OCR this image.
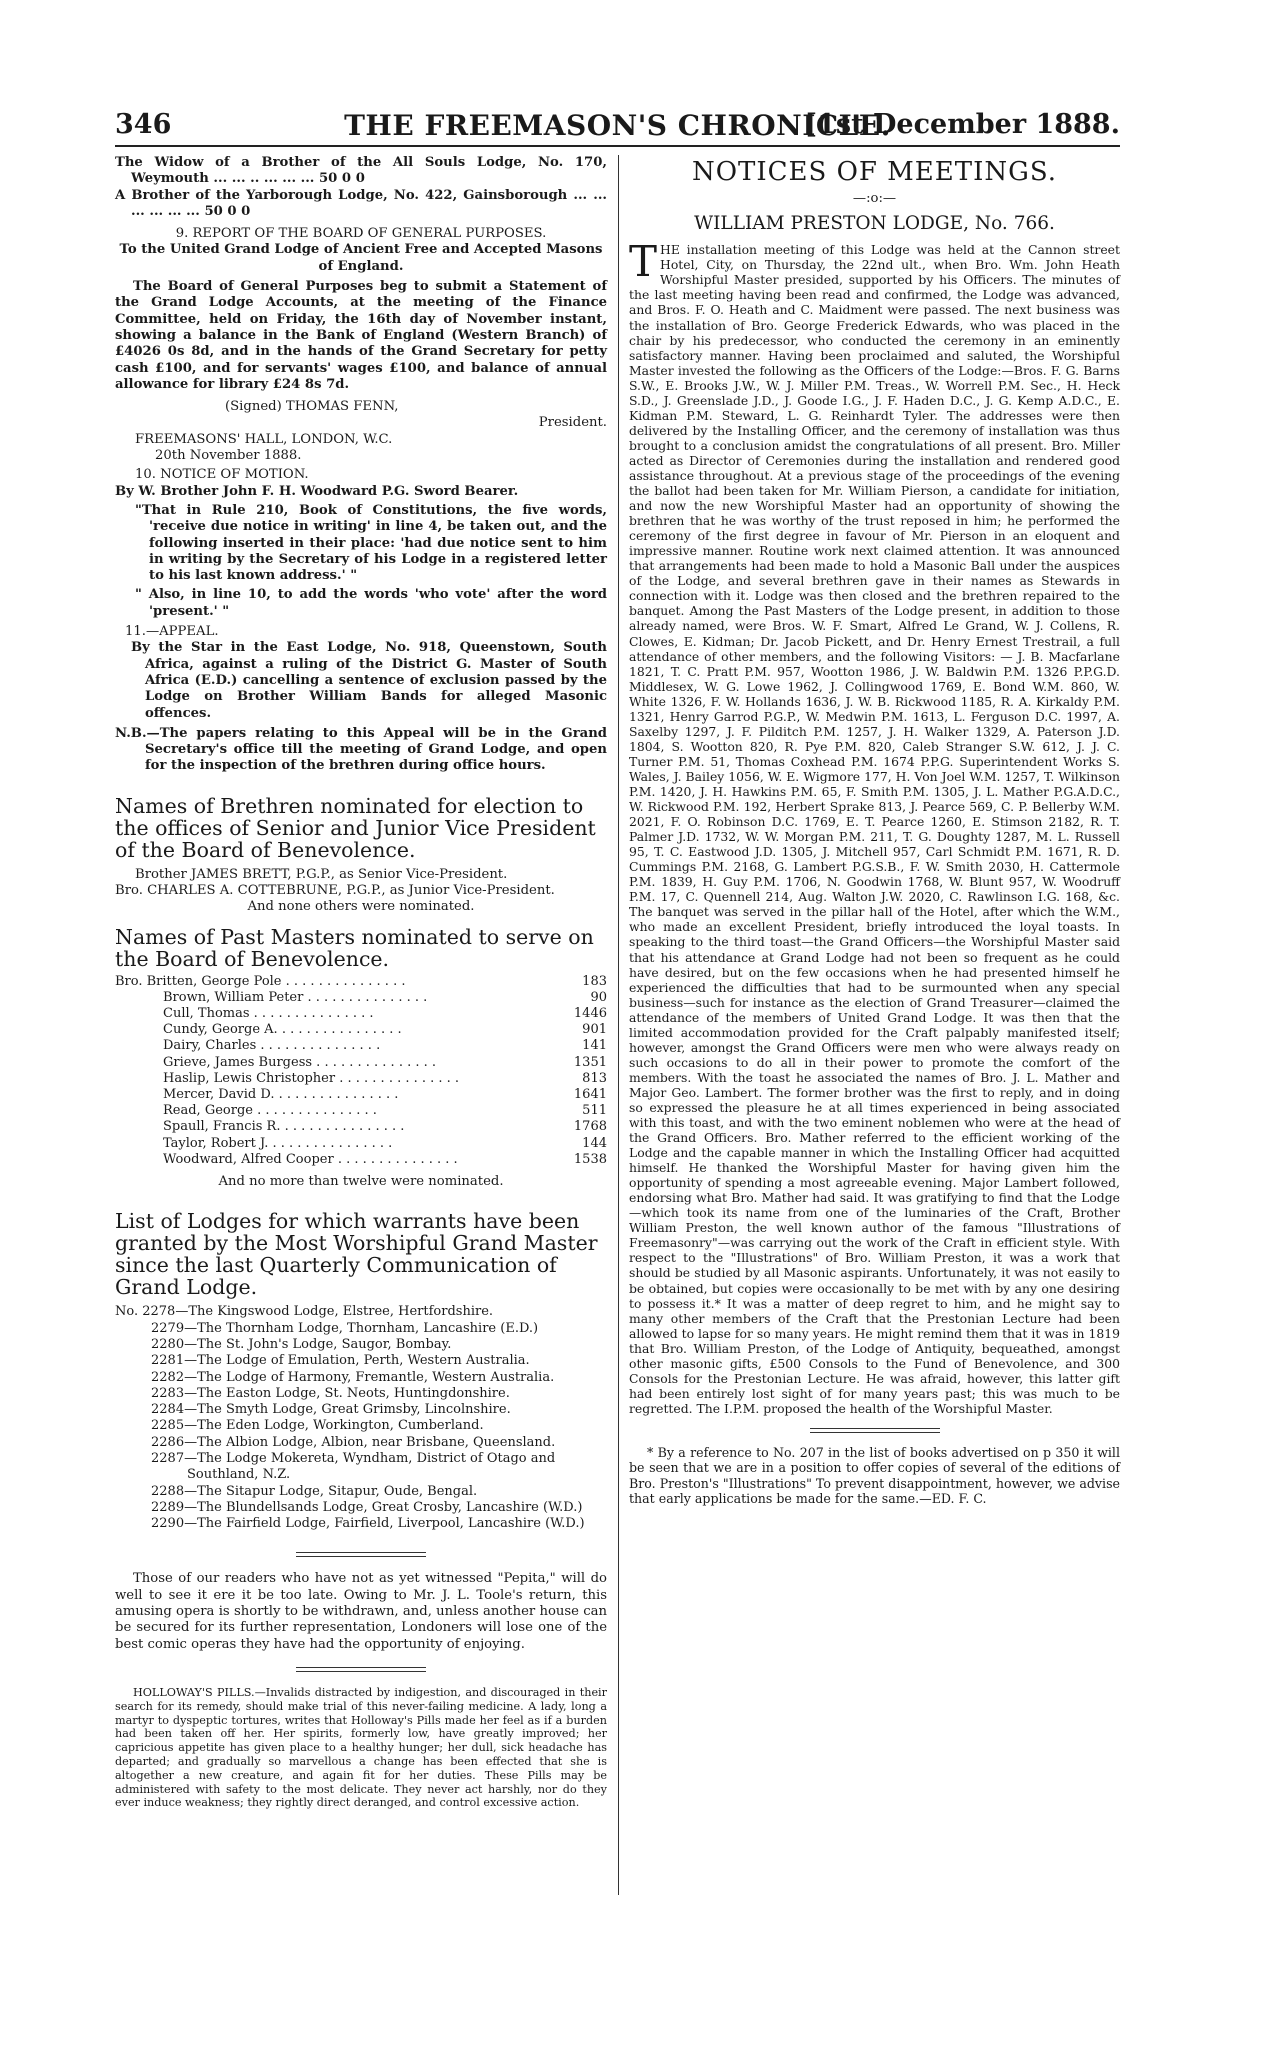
346	THE FREEMASON'S CHRONICLE.
[1st December 1888.

The Widow of a Brother of the All Souls Lodge, No. 170, Weymouth ... ... .. ... ... ... 50 0 0

A Brother of the Yarborough Lodge, No. 422, Gainsborough ... ... ... ... ... ... 50 0 0

9. REPORT OF THE BOARD OF GENERAL PURPOSES.

To the United Grand Lodge of Ancient Free and Accepted Masons of England.

The Board of General Purposes beg to submit a Statement of the Grand Lodge Accounts, at the meeting of the Finance Committee, held on Friday, the 16th day of November instant, showing a balance in the Bank of England (Western Branch) of £4026 0s 8d, and in the hands of the Grand Secretary for petty cash £100, and for servants' wages £100, and balance of annual allowance for library £24 8s 7d.

(Signed) THOMAS FENN,

President.

FREEMASONS' HALL, LONDON, W.C.

20th November 1888.

10. NOTICE OF MOTION.

By W. Brother John F. H. Woodward P.G. Sword Bearer.

"That in Rule 210, Book of Constitutions, the five words, 'receive due notice in writing' in line 4, be taken out, and the following inserted in their place: 'had due notice sent to him in writing by the Secretary of his Lodge in a registered letter to his last known address.' "

" Also, in line 10, to add the words 'who vote' after the word 'present.' "

11.—APPEAL.

By the Star in the East Lodge, No. 918, Queenstown, South Africa, against a ruling of the District G. Master of South Africa (E.D.) cancelling a sentence of exclusion passed by the Lodge on Brother William Bands for alleged Masonic offences.

N.B.—The papers relating to this Appeal will be in the Grand Secretary's office till the meeting of Grand Lodge, and open for the inspection of the brethren during office hours.

Names of Brethren nominated for election to the offices of Senior and Junior Vice President of the Board of Benevolence.

Brother JAMES BRETT, P.G.P., as Senior Vice-President.

Bro. CHARLES A. COTTEBRUNE, P.G.P., as Junior Vice-President.

And none others were nominated.

Names of Past Masters nominated to serve on the Board of Benevolence.

Bro. Britten, George Pole .	183
Brown, William Peter .	90
Cull, Thomas .	1446
Cundy, George A. .	901
Dairy, Charles .	141
Grieve, James Burgess .	1351
Haslip, Lewis Christopher .	813
Mercer, David D. .	1641
Read, George .	511
Spaull, Francis R. .	1768
Taylor, Robert J. .	144
Woodward, Alfred Cooper .	1538

And no more than twelve were nominated.

List of Lodges for which warrants have been granted by the Most Worshipful Grand Master since the last Quarterly Communication of Grand Lodge.

No. 2278—The Kingswood Lodge, Elstree, Hertfordshire.
2279—The Thornham Lodge, Thornham, Lancashire (E.D.)
2280—The St. John's Lodge, Saugor, Bombay.
2281—The Lodge of Emulation, Perth, Western Australia.
2282—The Lodge of Harmony, Fremantle, Western Australia.
2283—The Easton Lodge, St. Neots, Huntingdonshire.
2284—The Smyth Lodge, Great Grimsby, Lincolnshire.
2285—The Eden Lodge, Workington, Cumberland.
2286—The Albion Lodge, Albion, near Brisbane, Queensland.
2287—The Lodge Mokereta, Wyndham, District of Otago and Southland, N.Z.
2288—The Sitapur Lodge, Sitapur, Oude, Bengal.
2289—The Blundellsands Lodge, Great Crosby, Lancashire (W.D.)
2290—The Fairfield Lodge, Fairfield, Liverpool, Lancashire (W.D.)

Those of our readers who have not as yet witnessed "Pepita," will do well to see it ere it be too late. Owing to Mr. J. L. Toole's return, this amusing opera is shortly to be withdrawn, and, unless another house can be secured for its further representation, Londoners will lose one of the best comic operas they have had the opportunity of enjoying.

HOLLOWAY'S PILLS.—Invalids distracted by indigestion, and discouraged in their search for its remedy, should make trial of this never-failing medicine. A lady, long a martyr to dyspeptic tortures, writes that Holloway's Pills made her feel as if a burden had been taken off her. Her spirits, formerly low, have greatly improved; her capricious appetite has given place to a healthy hunger; her dull, sick headache has departed; and gradually so marvellous a change has been effected that she is altogether a new creature, and again fit for her duties. These Pills may be administered with safety to the most delicate. They never act harshly, nor do they ever induce weakness; they rightly direct deranged, and control excessive action.

NOTICES OF MEETINGS.

—:o:—

WILLIAM PRESTON LODGE, No. 766.

THE installation meeting of this Lodge was held at the Cannon street Hotel, City, on Thursday, the 22nd ult., when Bro. Wm. John Heath Worshipful Master presided, supported by his Officers. The minutes of the last meeting having been read and confirmed, the Lodge was advanced, and Bros. F. O. Heath and C. Maidment were passed. The next business was the installation of Bro. George Frederick Edwards, who was placed in the chair by his predecessor, who conducted the ceremony in an eminently satisfactory manner. Having been proclaimed and saluted, the Worshipful Master invested the following as the Officers of the Lodge:—Bros. F. G. Barns S.W., E. Brooks J.W., W. J. Miller P.M. Treas., W. Worrell P.M. Sec., H. Heck S.D., J. Greenslade J.D., J. Goode I.G., J. F. Haden D.C., J. G. Kemp A.D.C., E. Kidman P.M. Steward, L. G. Reinhardt Tyler. The addresses were then delivered by the Installing Officer, and the ceremony of installation was thus brought to a conclusion amidst the congratulations of all present. Bro. Miller acted as Director of Ceremonies during the installation and rendered good assistance throughout. At a previous stage of the proceedings of the evening the ballot had been taken for Mr. William Pierson, a candidate for initiation, and now the new Worshipful Master had an opportunity of showing the brethren that he was worthy of the trust reposed in him; he performed the ceremony of the first degree in favour of Mr. Pierson in an eloquent and impressive manner. Routine work next claimed attention. It was announced that arrangements had been made to hold a Masonic Ball under the auspices of the Lodge, and several brethren gave in their names as Stewards in connection with it. Lodge was then closed and the brethren repaired to the banquet. Among the Past Masters of the Lodge present, in addition to those already named, were Bros. W. F. Smart, Alfred Le Grand, W. J. Collens, R. Clowes, E. Kidman; Dr. Jacob Pickett, and Dr. Henry Ernest Trestrail, a full attendance of other members, and the following Visitors: — J. B. Macfarlane 1821, T. C. Pratt P.M. 957, Wootton 1986, J. W. Baldwin P.M. 1326 P.P.G.D. Middlesex, W. G. Lowe 1962, J. Collingwood 1769, E. Bond W.M. 860, W. White 1326, F. W. Hollands 1636, J. W. B. Rickwood 1185, R. A. Kirkaldy P.M. 1321, Henry Garrod P.G.P., W. Medwin P.M. 1613, L. Ferguson D.C. 1997, A. Saxelby 1297, J. F. Pilditch P.M. 1257, J. H. Walker 1329, A. Paterson J.D. 1804, S. Wootton 820, R. Pye P.M. 820, Caleb Stranger S.W. 612, J. J. C. Turner P.M. 51, Thomas Coxhead P.M. 1674 P.P.G. Superintendent Works S. Wales, J. Bailey 1056, W. E. Wigmore 177, H. Von Joel W.M. 1257, T. Wilkinson P.M. 1420, J. H. Hawkins P.M. 65, F. Smith P.M. 1305, J. L. Mather P.G.A.D.C., W. Rickwood P.M. 192, Herbert Sprake 813, J. Pearce 569, C. P. Bellerby W.M. 2021, F. O. Robinson D.C. 1769, E. T. Pearce 1260, E. Stimson 2182, R. T. Palmer J.D. 1732, W. W. Morgan P.M. 211, T. G. Doughty 1287, M. L. Russell 95, T. C. Eastwood J.D. 1305, J. Mitchell 957, Carl Schmidt P.M. 1671, R. D. Cummings P.M. 2168, G. Lambert P.G.S.B., F. W. Smith 2030, H. Cattermole P.M. 1839, H. Guy P.M. 1706, N. Goodwin 1768, W. Blunt 957, W. Woodruff P.M. 17, C. Quennell 214, Aug. Walton J.W. 2020, C. Rawlinson I.G. 168, &c. The banquet was served in the pillar hall of the Hotel, after which the W.M., who made an excellent President, briefly introduced the loyal toasts. In speaking to the third toast—the Grand Officers—the Worshipful Master said that his attendance at Grand Lodge had not been so frequent as he could have desired, but on the few occasions when he had presented himself he experienced the difficulties that had to be surmounted when any special business—such for instance as the election of Grand Treasurer—claimed the attendance of the members of United Grand Lodge. It was then that the limited accommodation provided for the Craft palpably manifested itself; however, amongst the Grand Officers were men who were always ready on such occasions to do all in their power to promote the comfort of the members. With the toast he associated the names of Bro. J. L. Mather and Major Geo. Lambert. The former brother was the first to reply, and in doing so expressed the pleasure he at all times experienced in being associated with this toast, and with the two eminent noblemen who were at the head of the Grand Officers. Bro. Mather referred to the efficient working of the Lodge and the capable manner in which the Installing Officer had acquitted himself. He thanked the Worshipful Master for having given him the opportunity of spending a most agreeable evening. Major Lambert followed, endorsing what Bro. Mather had said. It was gratifying to find that the Lodge—which took its name from one of the luminaries of the Craft, Brother William Preston, the well known author of the famous "Illustrations of Freemasonry"—was carrying out the work of the Craft in efficient style. With respect to the "Illustrations" of Bro. William Preston, it was a work that should be studied by all Masonic aspirants. Unfortunately, it was not easily to be obtained, but copies were occasionally to be met with by any one desiring to possess it.* It was a matter of deep regret to him, and he might say to many other members of the Craft that the Prestonian Lecture had been allowed to lapse for so many years. He might remind them that it was in 1819 that Bro. William Preston, of the Lodge of Antiquity, bequeathed, amongst other masonic gifts, £500 Consols to the Fund of Benevolence, and 300 Consols for the Prestonian Lecture. He was afraid, however, this latter gift had been entirely lost sight of for many years past; this was much to be regretted. The I.P.M. proposed the health of the Worshipful Master.

* By a reference to No. 207 in the list of books advertised on p 350 it will be seen that we are in a position to offer copies of several of the editions of Bro. Preston's "Illustrations" To prevent disappointment, however, we advise that early applications be made for the same.—ED. F. C.
